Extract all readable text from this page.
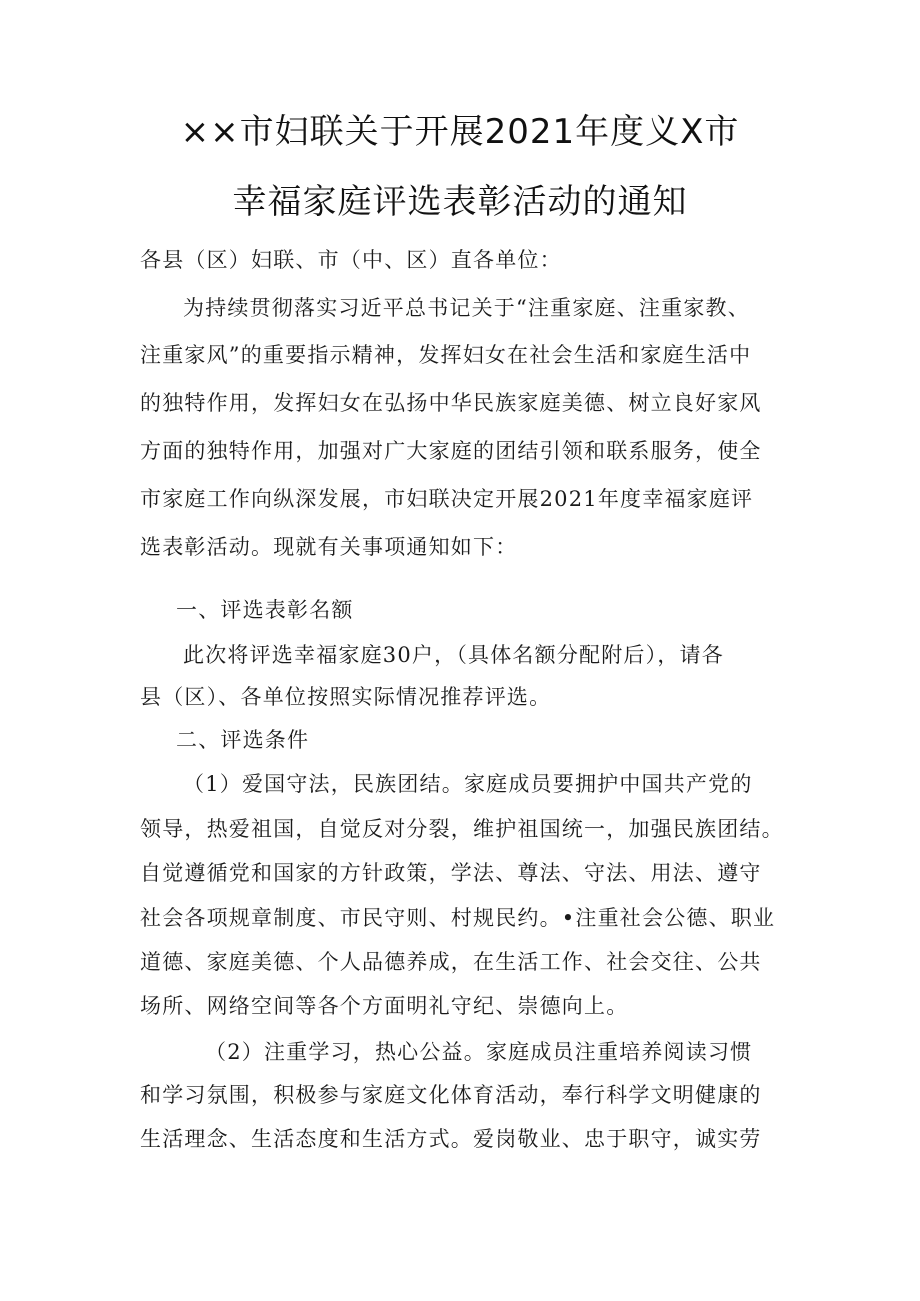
××市妇联关于开展2021年度义X市
幸福家庭评选表彰活动的通知
各县（区）妇联、市（中、区）直各单位：
为持续贯彻落实习近平总书记关于“注重家庭、注重家教、
注重家风”的重要指示精神，发挥妇女在社会生活和家庭生活中
的独特作用，发挥妇女在弘扬中华民族家庭美德、树立良好家风
方面的独特作用，加强对广大家庭的团结引领和联系服务，使全
市家庭工作向纵深发展，市妇联决定开展2021年度幸福家庭评
选表彰活动。现就有关事项通知如下：
一、评选表彰名额
此次将评选幸福家庭30户，（具体名额分配附后），请各
县（区）、各单位按照实际情况推荐评选。
二、评选条件
（1）爱国守法，民族团结。家庭成员要拥护中国共产党的
领导，热爱祖国，自觉反对分裂，维护祖国统一，加强民族团结。
自觉遵循党和国家的方针政策，学法、尊法、守法、用法、遵守
社会各项规章制度、市民守则、村规民约。•注重社会公德、职业
道德、家庭美德、个人品德养成，在生活工作、社会交往、公共
场所、网络空间等各个方面明礼守纪、崇德向上。
（2）注重学习，热心公益。家庭成员注重培养阅读习惯
和学习氛围，积极参与家庭文化体育活动，奉行科学文明健康的
生活理念、生活态度和生活方式。爱岗敬业、忠于职守，诚实劳
